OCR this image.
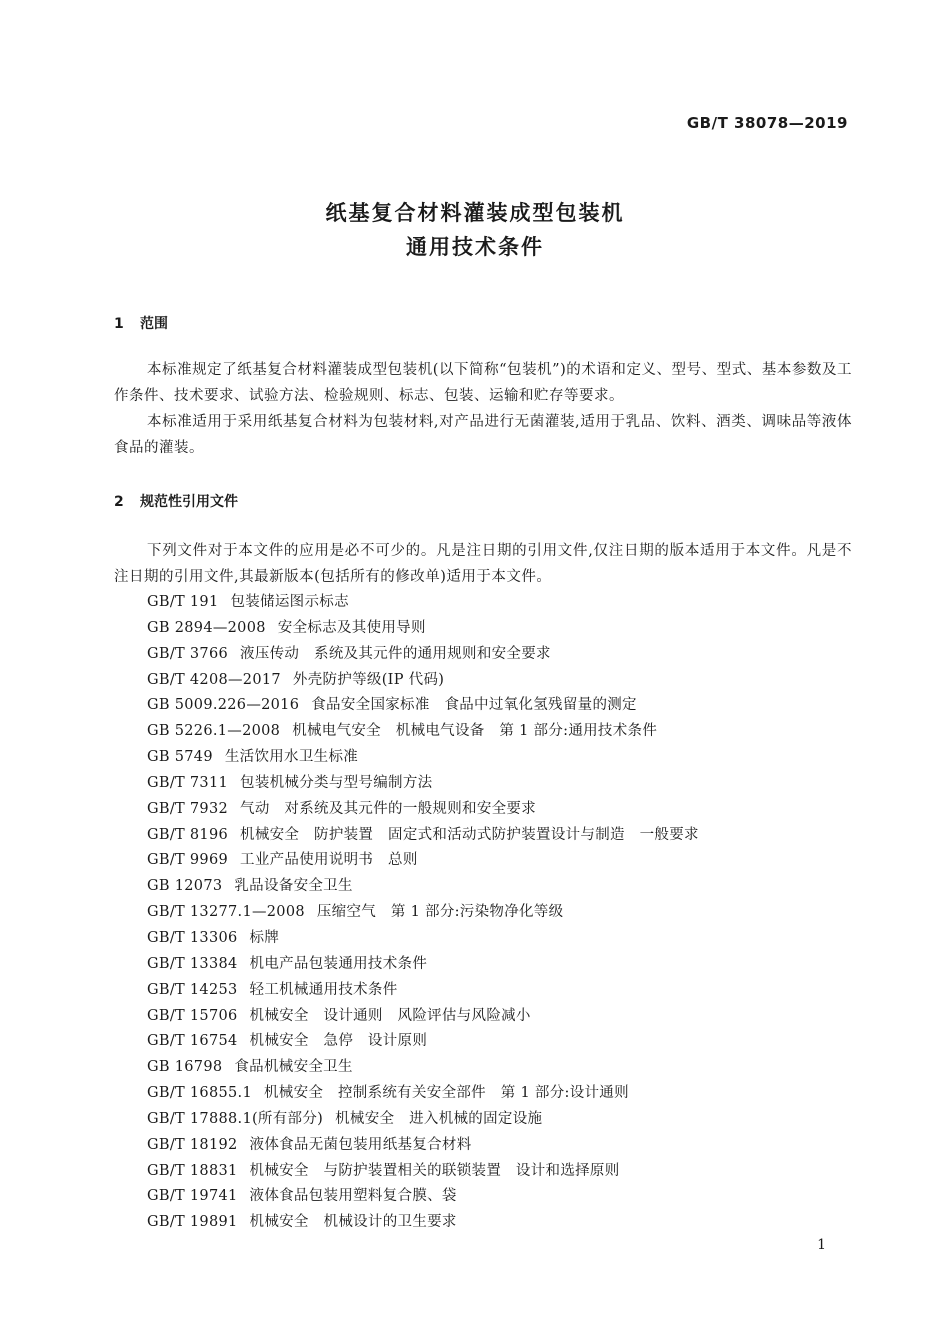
GB/T 38078—2019
纸基复合材料灌装成型包装机
通用技术条件
1 范围

本标准规定了纸基复合材料灌装成型包装机(以下简称“包装机”)的术语和定义、型号、型式、基本参数及工作条件、技术要求、试验方法、检验规则、标志、包装、运输和贮存等要求。

本标准适用于采用纸基复合材料为包装材料,对产品进行无菌灌装,适用于乳品、饮料、酒类、调味品等液体食品的灌装。

2 规范性引用文件

下列文件对于本文件的应用是必不可少的。凡是注日期的引用文件,仅注日期的版本适用于本文件。凡是不注日期的引用文件,其最新版本(包括所有的修改单)适用于本文件。

GB/T 191 包装储运图示标志
GB 2894—2008 安全标志及其使用导则
GB/T 3766 液压传动　系统及其元件的通用规则和安全要求
GB/T 4208—2017 外壳防护等级(IP 代码)
GB 5009.226—2016 食品安全国家标准　食品中过氧化氢残留量的测定
GB 5226.1—2008 机械电气安全　机械电气设备　第 1 部分:通用技术条件
GB 5749 生活饮用水卫生标准
GB/T 7311 包装机械分类与型号编制方法
GB/T 7932 气动　对系统及其元件的一般规则和安全要求
GB/T 8196 机械安全　防护装置　固定式和活动式防护装置设计与制造　一般要求
GB/T 9969 工业产品使用说明书　总则
GB 12073 乳品设备安全卫生
GB/T 13277.1—2008 压缩空气　第 1 部分:污染物净化等级
GB/T 13306 标牌
GB/T 13384 机电产品包装通用技术条件
GB/T 14253 轻工机械通用技术条件
GB/T 15706 机械安全　设计通则　风险评估与风险减小
GB/T 16754 机械安全　急停　设计原则
GB 16798 食品机械安全卫生
GB/T 16855.1 机械安全　控制系统有关安全部件　第 1 部分:设计通则
GB/T 17888.1(所有部分) 机械安全　进入机械的固定设施
GB/T 18192 液体食品无菌包装用纸基复合材料
GB/T 18831 机械安全　与防护装置相关的联锁装置　设计和选择原则
GB/T 19741 液体食品包装用塑料复合膜、袋
GB/T 19891 机械安全　机械设计的卫生要求
1
